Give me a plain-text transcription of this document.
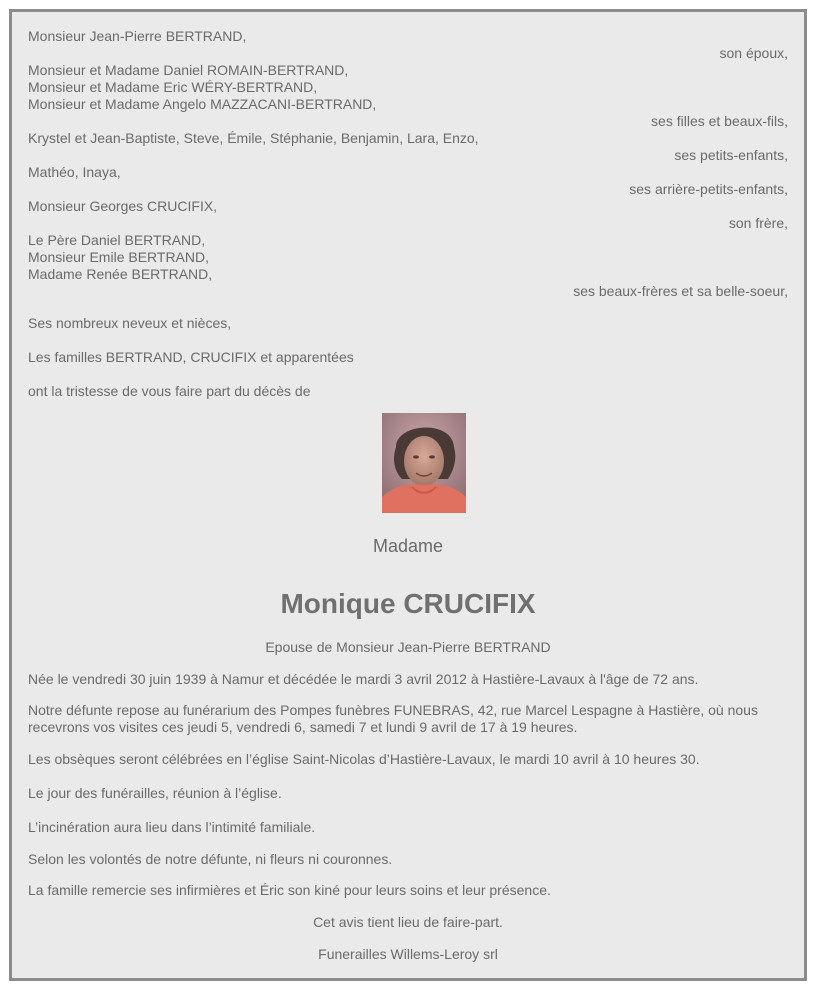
Monsieur Jean-Pierre BERTRAND,
son époux,
Monsieur et Madame Daniel ROMAIN-BERTRAND,
Monsieur et Madame Eric WÉRY-BERTRAND,
Monsieur et Madame Angelo MAZZACANI-BERTRAND,
ses filles et beaux-fils,
Krystel et Jean-Baptiste, Steve, Émile, Stéphanie, Benjamin, Lara, Enzo,
ses petits-enfants,
Mathéo, Inaya,
ses arrière-petits-enfants,
Monsieur Georges CRUCIFIX,
son frère,
Le Père Daniel BERTRAND,
Monsieur Emile BERTRAND,
Madame Renée BERTRAND,
ses beaux-frères et sa belle-soeur,
Ses nombreux neveux et nièces,
Les familles BERTRAND, CRUCIFIX et apparentées
ont la tristesse de vous faire part du décès de
Madame
Monique CRUCIFIX
Epouse de Monsieur Jean-Pierre BERTRAND
Née le vendredi 30 juin 1939 à Namur et décédée le mardi 3 avril 2012 à Hastière-Lavaux à l'âge de 72 ans.
Notre défunte repose au funérarium des Pompes funèbres FUNEBRAS, 42, rue Marcel Lespagne à Hastière, où nous
recevrons vos visites ces jeudi 5, vendredi 6, samedi 7 et lundi 9 avril de 17 à 19 heures.
Les obsèques seront célébrées en l’église Saint-Nicolas d’Hastière-Lavaux, le mardi 10 avril à 10 heures 30.
Le jour des funérailles, réunion à l’église.
L’incinération aura lieu dans l’intimité familiale.
Selon les volontés de notre défunte, ni fleurs ni couronnes.
La famille remercie ses infirmières et Éric son kiné pour leurs soins et leur présence.
Cet avis tient lieu de faire-part.
Funerailles Willems-Leroy srl
